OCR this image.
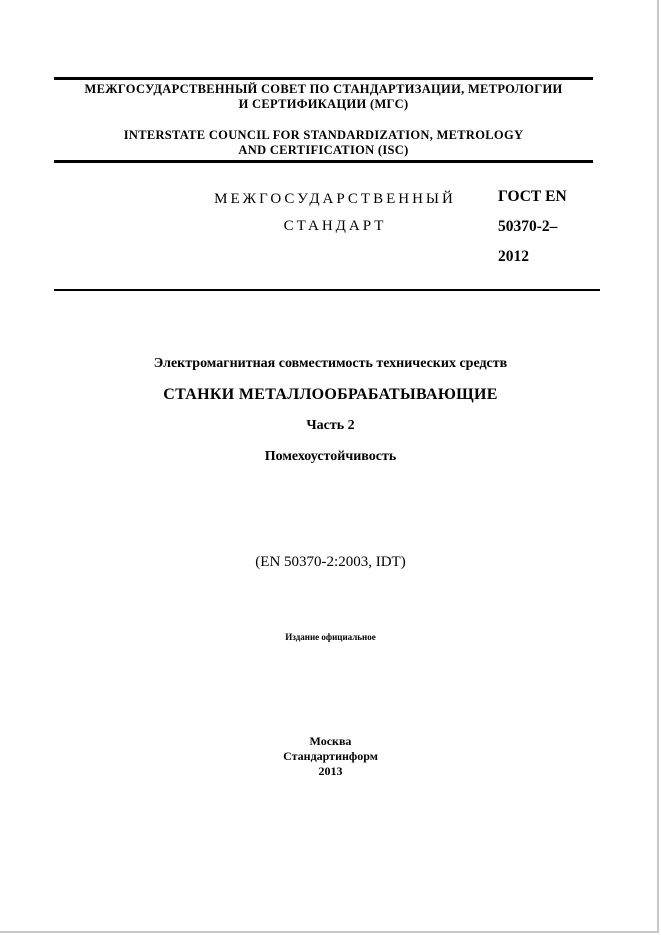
МЕЖГОСУДАРСТВЕННЫЙ СОВЕТ ПО СТАНДАРТИЗАЦИИ, МЕТРОЛОГИИ
И СЕРТИФИКАЦИИ (МГС)
INTERSTATE COUNCIL FOR STANDARDIZATION, METROLOGY
AND CERTIFICATION (ISC)
МЕЖГОСУДАРСТВЕННЫЙ
СТАНДАРТ
ГОСТ EN
50370-2–
2012
Электромагнитная совместимость технических средств
СТАНКИ МЕТАЛЛООБРАБАТЫВАЮЩИЕ
Часть 2
Помехоустойчивость
(EN 50370-2:2003, IDT)
Издание официальное
Москва
Стандартинформ
2013
